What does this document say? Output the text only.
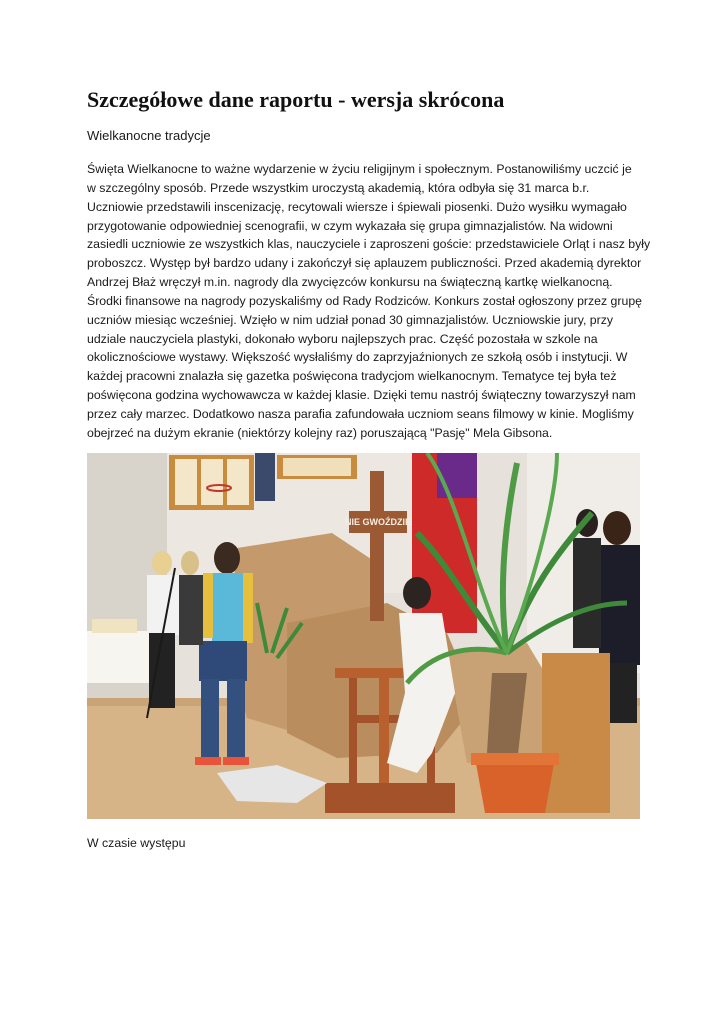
Szczegółowe dane raportu - wersja skrócona

Wielkanocne tradycje

Święta Wielkanocne to ważne wydarzenie w życiu religijnym i społecznym. Postanowiliśmy uczcić je
w szczególny sposób. Przede wszystkim uroczystą akademią, która odbyła się 31 marca b.r.
Uczniowie przedstawili inscenizację, recytowali wiersze i śpiewali piosenki. Dużo wysiłku wymagało
przygotowanie odpowiedniej scenografii, w czym wykazała się grupa gimnazjalistów. Na widowni
zasiedli uczniowie ze wszystkich klas, nauczyciele i zaproszeni goście: przedstawiciele Orląt i nasz były
proboszcz. Występ był bardzo udany i zakończył się aplauzem publiczności. Przed akademią dyrektor
Andrzej Błaż wręczył m.in. nagrody dla zwycięzców konkursu na świąteczną kartkę wielkanocną.
Środki finansowe na nagrody pozyskaliśmy od Rady Rodziców. Konkurs został ogłoszony przez grupę
uczniów miesiąc wcześniej. Wzięło w nim udział ponad 30 gimnazjalistów. Uczniowskie jury, przy
udziale nauczyciela plastyki, dokonało wyboru najlepszych prac. Część pozostała w szkole na
okolicznościowe wystawy. Większość wysłaliśmy do zaprzyjaźnionych ze szkołą osób i instytucji. W
każdej pracowni znalazła się gazetka poświęcona tradycjom wielkanocnym. Tematyce tej była też
poświęcona godzina wychowawcza w każdej klasie. Dzięki temu nastrój świąteczny towarzyszył nam
przez cały marzec. Dodatkowo nasza parafia zafundowała uczniom seans filmowy w kinie. Mogliśmy
obejrzeć na dużym ekranie (niektórzy kolejny raz) poruszającą "Pasję" Mela Gibsona.

NIE GWOŹDZIE

W czasie występu
